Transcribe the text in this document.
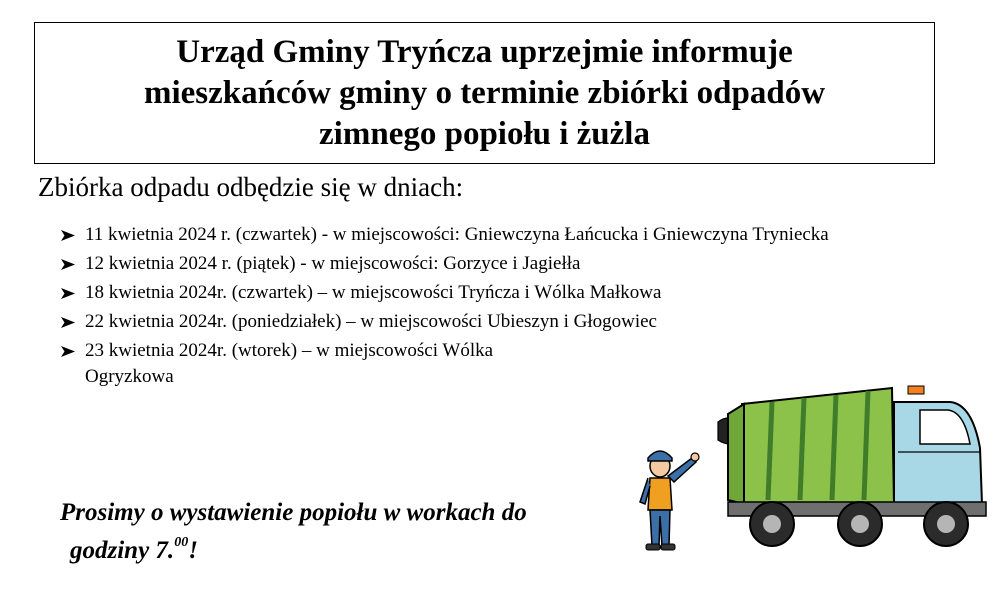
Urząd Gminy Tryńcza uprzejmie informuje
mieszkańców gminy o terminie zbiórki odpadów
zimnego popiołu i żużla
Zbiórka odpadu odbędzie się w dniach:
11 kwietnia 2024 r. (czwartek) - w miejscowości: Gniewczyna Łańcucka i Gniewczyna Tryniecka
12 kwietnia 2024 r. (piątek) - w miejscowości: Gorzyce i Jagiełła
18 kwietnia 2024r. (czwartek) – w miejscowości Tryńcza i Wólka Małkowa
22 kwietnia 2024r. (poniedziałek) – w miejscowości Ubieszyn i Głogowiec
23 kwietnia 2024r. (wtorek) – w miejscowości Wólka Ogryzkowa
Prosimy o wystawienie popiołu w workach do
godziny 7.00!
